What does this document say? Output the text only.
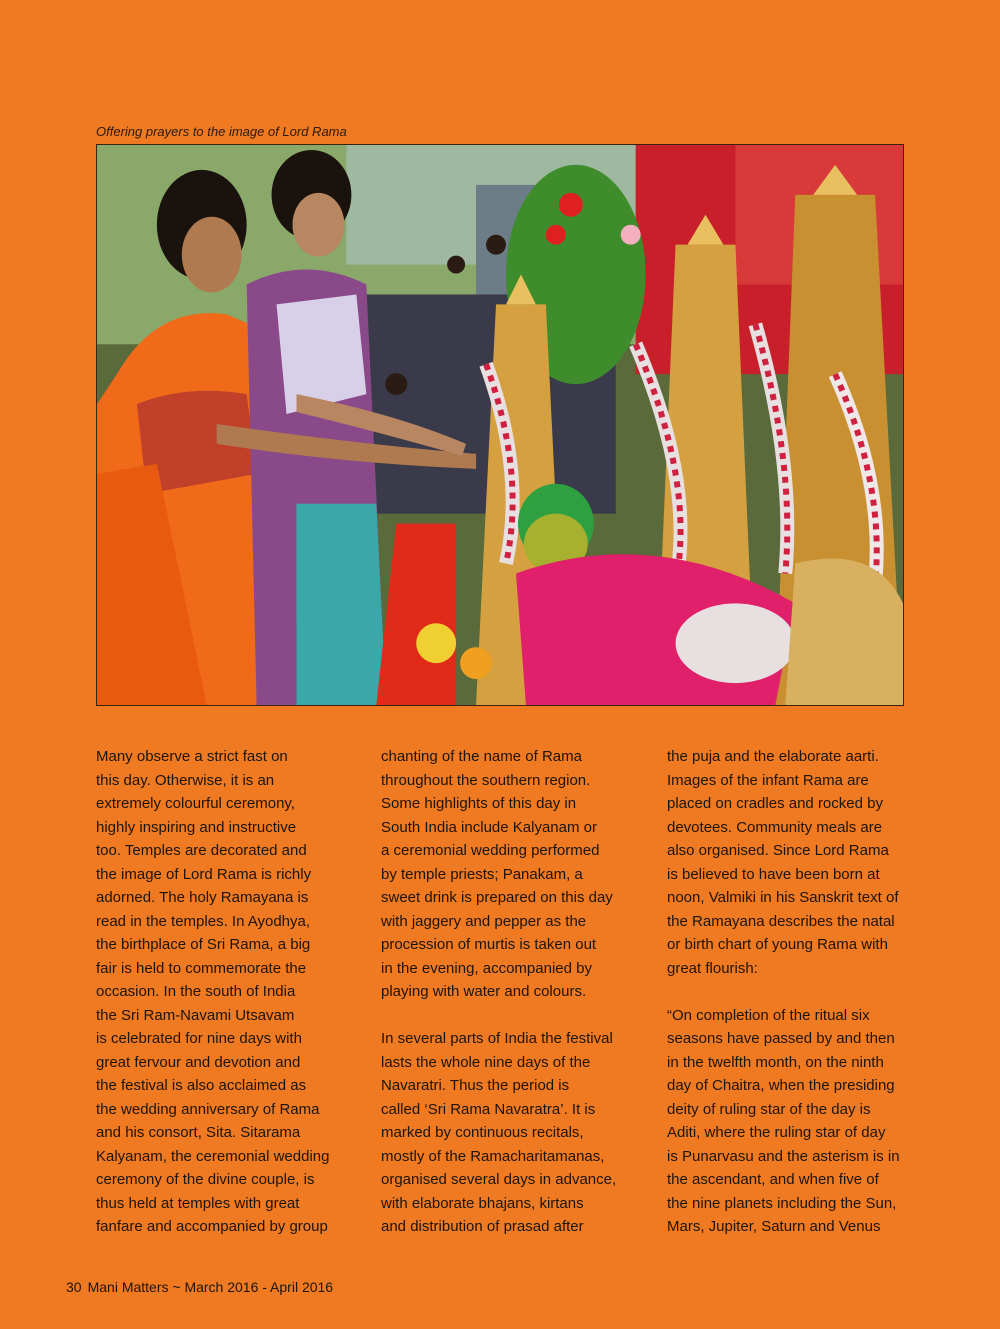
Offering prayers to the image of Lord Rama
Many observe a strict fast on
this day. Otherwise, it is an
extremely colourful ceremony,
highly inspiring and instructive
too. Temples are decorated and
the image of Lord Rama is richly
adorned. The holy Ramayana is
read in the temples. In Ayodhya,
the birthplace of Sri Rama, a big
fair is held to commemorate the
occasion. In the south of India
the Sri Ram-Navami Utsavam
is celebrated for nine days with
great fervour and devotion and
the festival is also acclaimed as
the wedding anniversary of Rama
and his consort, Sita. Sitarama
Kalyanam, the ceremonial wedding
ceremony of the divine couple, is
thus held at temples with great
fanfare and accompanied by group
chanting of the name of Rama
throughout the southern region.
Some highlights of this day in
South India include Kalyanam or
a ceremonial wedding performed
by temple priests; Panakam, a
sweet drink is prepared on this day
with jaggery and pepper as the
procession of murtis is taken out
in the evening, accompanied by
playing with water and colours.
In several parts of India the festival
lasts the whole nine days of the
Navaratri. Thus the period is
called ‘Sri Rama Navaratra’. It is
marked by continuous recitals,
mostly of the Ramacharitamanas,
organised several days in advance,
with elaborate bhajans, kirtans
and distribution of prasad after
the puja and the elaborate aarti.
Images of the infant Rama are
placed on cradles and rocked by
devotees. Community meals are
also organised. Since Lord Rama
is believed to have been born at
noon, Valmiki in his Sanskrit text of
the Ramayana describes the natal
or birth chart of young Rama with
great flourish:
“On completion of the ritual six
seasons have passed by and then
in the twelfth month, on the ninth
day of Chaitra, when the presiding
deity of ruling star of the day is
Aditi, where the ruling star of day
is Punarvasu and the asterism is in
the ascendant, and when five of
the nine planets including the Sun,
Mars, Jupiter, Saturn and Venus
30 Mani Matters ~ March 2016 - April 2016
